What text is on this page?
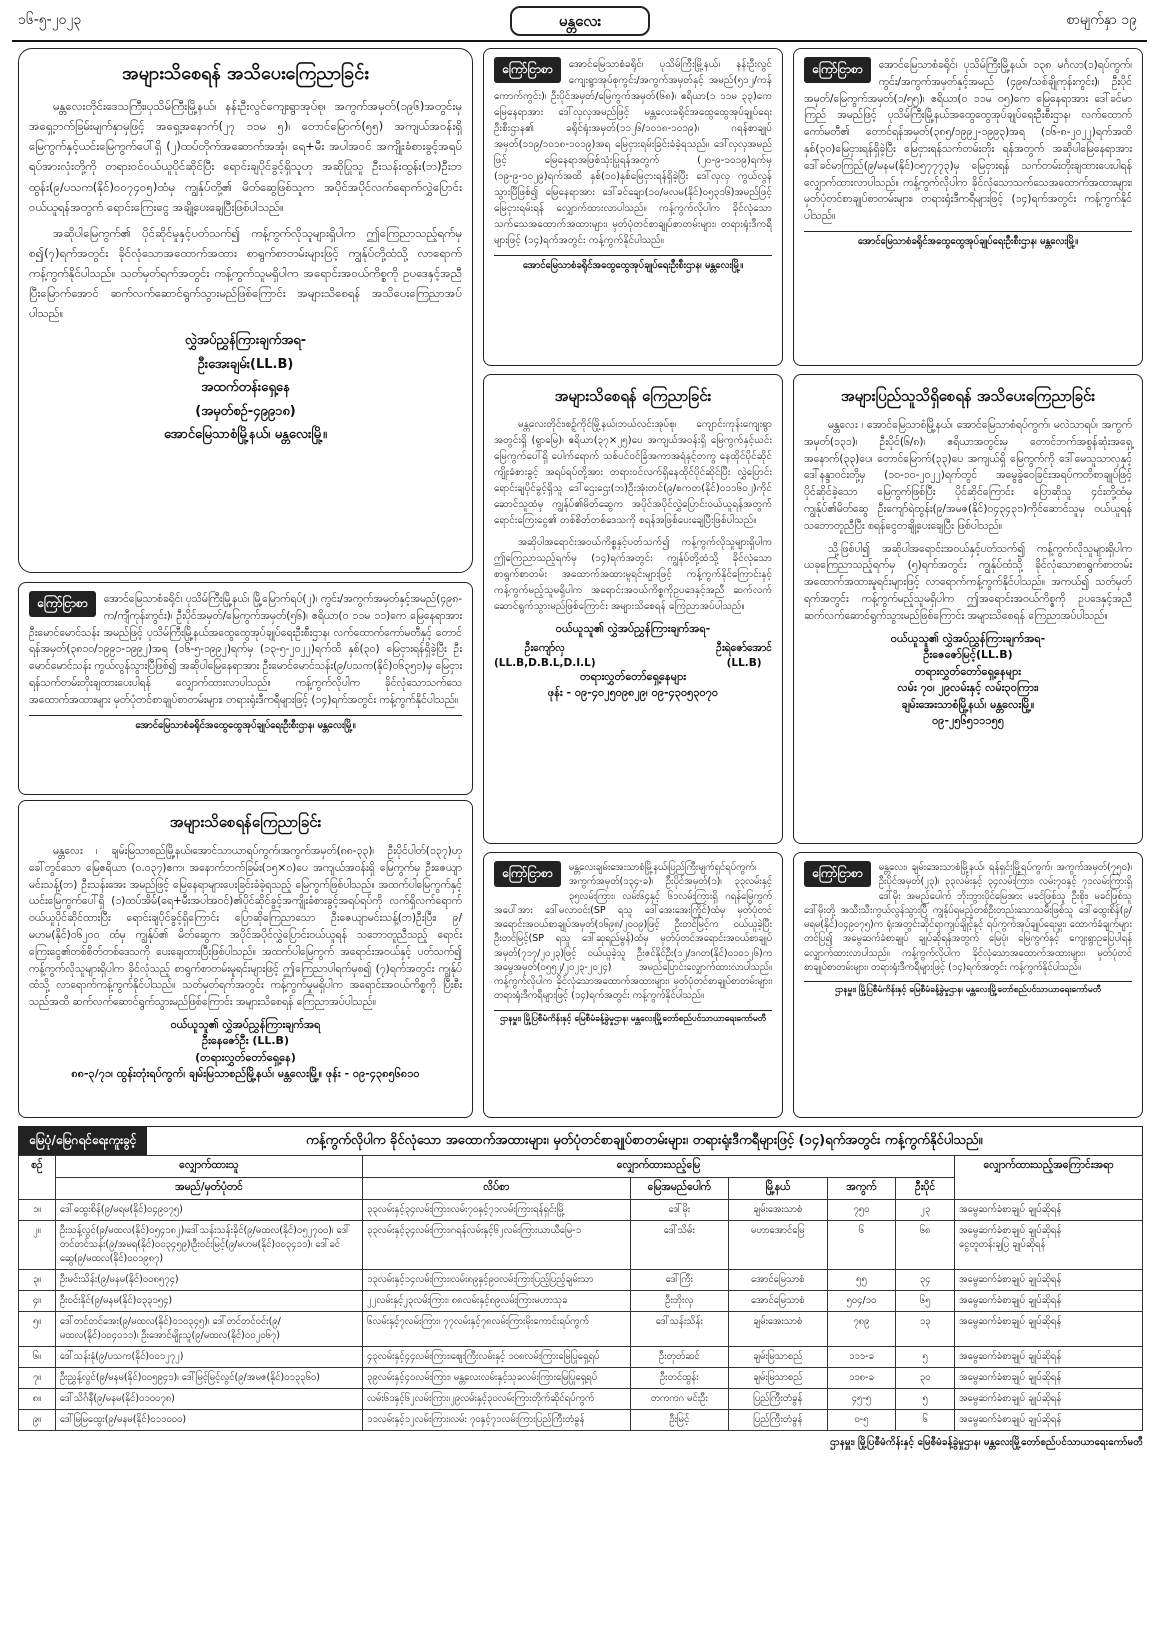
၁၆-၅-၂၀၂၃	မန္တလေး	စာမျက်နှာ ၁၉
အများသိစေရန် အသိပေးကြေညာခြင်း

မန္တလေးတိုင်းဒေသကြီး၊ပုသိမ်ကြီးမြို့နယ်၊ နန်းဦးလွင်ကျေးရွာအုပ်စု၊ အကွက်အမှတ်(၁၉၆)အတွင်းမှ အရှေ့ဘက်ခြမ်းမျက်နှာမှဖြင့် အရှေ့အနောက်(၂၇ ၁၁မ ၅)၊ တောင်မြောက်(၅၅) အကျယ်အဝန်းရှိ မြေကွက်နှင့်ယင်းမြေကွက်ပေါ်ရှိ (၂)ထပ်တိုက်အဆောက်အအုံ၊ ရေ+မီး အပါအဝင် အကျိုးခံစားခွင့်အရပ်ရပ်အားလုံးတို့ကို တရားဝင်ဝယ်ယူပိုင်ဆိုင်ပြီး ရောင်းချပိုင်ခွင့်ရှိသူဟု အဆိုပြုသူ ဦးသန်းထွန်း(ဘ)ဦးဘထွန်း(၉/ပသက(နိုင်)၀၀၇၄၀၅)ထံမှ ကျွန်ုပ်တို့၏ မိတ်ဆွေဖြစ်သူက အပိုင်အပိုင်လက်ရောက်လွှဲပြောင်းဝယ်ယူရန်အတွက် ရောင်းကြေးငွေ အချို့ပေးချေပြီးဖြစ်ပါသည်။

အဆိုပါမြေကွက်၏ ပိုင်ဆိုင်မှုနှင့်ပတ်သက်၍ ကန့်ကွက်လိုသူများရှိပါက ဤကြေညာသည့်ရက်မှစ၍(၇)ရက်အတွင်း ခိုင်လုံသောအထောက်အထား စာရွက်စာတမ်းများဖြင့် ကျွန်ုပ်တို့ထံသို့ လာရောက်ကန့်ကွက်နိုင်ပါသည်။ သတ်မှတ်ရက်အတွင်း ကန့်ကွက်သူမရှိပါက အရောင်းအဝယ်ကိစ္စကို ဥပဒေနှင့်အညီပြီးမြောက်အောင် ဆက်လက်ဆောင်ရွက်သွားမည်ဖြစ်ကြောင်း အများသိစေရန် အသိပေးကြေညာအပ်ပါသည်။

လွှဲအပ်ညွှန်ကြားချက်အရ-
ဦးအေးချမ်း(LL.B)
အထက်တန်းရှေ့နေ
(အမှတ်စဉ်-၄၉၉၁၈)
အောင်မြေသာစံမြို့နယ်၊ မန္တလေးမြို့။
ကြော်ငြာစာ	အောင်မြေသာစံခရိုင်၊ ပုသိမ်ကြီးမြို့နယ်၊ မြို့မြောက်ရပ်(၂)၊ ကွင်း/အကွက်အမှတ်နှင့်အမည်(၄၉၈-က/ကျီကုန်းကွင်း)၊ ဦးပိုင်အမှတ်/မြေကွက်အမှတ်(၅၆)၊ ဧရိယာ(၀ ၁၁မ ၁၁)ကေ မြေနေရာအား ဦးမောင်မောင်သန်း အမည်ဖြင့် ပုသိမ်ကြီးမြို့နယ်အထွေထွေအုပ်ချုပ်ရေးဦးစီးဌာန၊ လက်ထောက်ကော်မတီနှင့် တောင်ရန်အမှတ်(၃၈၁၀/၁၉၉၁-၁၉၉၂)အရ (၁၆-၅-၁၉၉၂)ရက်မှ (၁၃-၅-၂၀၂၂)ရက်ထိ နှစ်(၃၀) မြေငှားရန်ရှိခဲ့ပြီး ဦးမောင်မောင်သန်း ကွယ်လွန်သွားပြီဖြစ်၍ အဆိုပါမြေနေရာအား ဦးမောင်မောင်သန်း(၉/ပသက(နိုင်)၀၆၃၅၁)မှ မြေငှားရန်သက်တမ်းတိုးချထားပေးပါရန် လျှောက်ထားလာပါသည်။ ကန့်ကွက်လိုပါက ခိုင်လုံသောသက်သေအထောက်အထားများ မှတ်ပုံတင်စာချုပ်စာတမ်းများ၊ တရားရုံးဒီကရီများဖြင့် (၁၄)ရက်အတွင်း ကန့်ကွက်နိုင်ပါသည်။

အောင်မြေသာစံခရိုင်အထွေထွေအုပ်ချုပ်ရေးဦးစီးဌာန၊ မန္တလေးမြို့။
အများသိစေရန်ကြေညာခြင်း

မန္တလေး ၊ ချမ်းမြသာစည်မြို့နယ်၊အောင်သာယာရပ်ကွက်၊အကွက်အမှတ်(၈၈-၃၃)၊ ဦးပိုင်ပါတ်(၁၃၇)ဟုခေါ်တွင်သော မြေဧရိယာ (၀.၀၃၇)ဧက၊ အနောက်ဘက်ခြမ်း(၁၅×၀)ပေ အကျယ်အဝန်းရှိ မြေကွက်မှ ဦးဇေယျာမင်းသန့်(ဘ) ဦးသန်းအေး အမည်ဖြင့် မြေနေရာများပေးခြင်းခံခဲ့ရသည့် မြေကွက်ဖြစ်ပါသည်။ အထက်ပါမြေကွက်နှင့် ယင်းမြေကွက်ပေါ်ရှိ (၁)ထပ်အိမ်(ရေ+မီးအပါအဝင်)၏ပိုင်ဆိုင်ခွင့်အကျိုးခံစားခွင့်အရပ်ရပ်ကို လက်ရှိလက်ရောက်ဝယ်ယူပိုင်ဆိုင်ထားပြီး ရောင်းချပိုင်ခွင့်ရှိကြောင်း ပြောဆိုကြေညာသော ဦးဇေယျာမင်းသန့်(ဘ)ဦးပြီး၊ ၉/မဟမ(နိုင်)၀၆၂၀၀ ထံမှ ကျွန်ုပ်၏ မိတ်ဆွေက အပိုင်အပိုင်လွှဲပြောင်းဝယ်ယူရန် သဘောတူညီသည့် ရောင်းကြေးငွေ၏တစ်စိတ်တစ်ဒေသကို ပေးချေထားပြီးဖြစ်ပါသည်။ အထက်ပါမြေကွက် အရောင်းအဝယ်နှင့် ပတ်သက်၍ ကန့်ကွက်လိုသူများရှိပါက ခိုင်လုံသည့် စာရွက်စာတမ်းမူရင်းများဖြင့် ဤကြေညာပါရက်မှစ၍ (၇)ရက်အတွင်း ကျွန်ုပ်ထံသို့ လာရောက်ကန့်ကွက်နိုင်ပါသည်။ သတ်မှတ်ရက်အတွင်း ကန့်ကွက်မှုမရှိပါက အရောင်းအဝယ်ကိစ္စကို ပြီးစီးသည်အထိ ဆက်လက်ဆောင်ရွက်သွားမည်ဖြစ်ကြောင်း အများသိစေရန် ကြေညာအပ်ပါသည်။

ဝယ်ယူသူ၏ လွှဲအပ်ညွှန်ကြားချက်အရ
ဦးနေဇော်ဦး (LL.B)
(တရားလွှတ်တော်ရှေ့နေ)
၈၈-၃/၇၁၊ ထွန်းတုံးရပ်ကွက်၊ ချမ်းမြသာစည်မြို့နယ်၊ မန္တလေးမြို့။ ဖုန်း - ၀၉-၄၃၈၅၆၈၁၀
ကြော်ငြာစာ	အောင်မြေသာစံခရိုင်၊ ပုသိမ်ကြီးမြို့နယ်၊ နန်းဦးလွင်ကျေးရွာအုပ်စုကွင်း/အကွက်အမှတ်နှင့် အမည်(၅၁၂/ကန်ကောက်ကွင်း)၊ ဦးပိုင်အမှတ်/မြေကွက်အမှတ်(၆၈)၊ ဧရိယာ(၁ ၁၁မ ၃၃)ကေ မြေနေရာအား ဒေါ်လှလှအမည်ဖြင့် မန္တလေးခရိုင်အထွေထွေအုပ်ချုပ်ရေးဦးစီးဌာန၏ ခရိုင်ရုံးအမှတ်(၁၁၂၆/၁၀၁၈-၁၀၁၉)၊ ဂရန်စာချုပ်အမှတ်(၁၁၉/၁၀၁၈-၁၀၁၉)အရ မြေငှားရမ်းခြင်းခံခဲ့ရသည်။ ဒေါ်လှလှအမည်ဖြင့် မြေနေရာအဖြစ်သုံးပြုရန်အတွက် (၂၀-၉-၁၀၁၉)ရက်မှ (၁၉-၉-၁၀၂၉)ရက်အထိ နှစ်(၁၀)နှစ်မြေငှားရန်ရှိခဲ့ပြီး ဒေါ်လှလှ ကွယ်လွန်သွားပြီဖြစ်၍ မြေနေရာအား ဒေါ်ခင်ချော(၁၀/မလမ(နိုင်)၀၅၃၁၆)အမည်ဖြင့် မြေငှားရမ်းရန် လျှောက်ထားလာပါသည်။ ကန့်ကွက်လိုပါက ခိုင်လုံသောသက်သေအထောက်အထားများ၊ မှတ်ပုံတင်စာချုပ်စာတမ်းများ၊ တရားရုံးဒီကရီများဖြင့် (၁၄)ရက်အတွင်း ကန့်ကွက်နိုင်ပါသည်။

အောင်မြေသာစံခရိုင်အထွေထွေအုပ်ချုပ်ရေးဦးစီးဌာန၊ မန္တလေးမြို့။
ကြော်ငြာစာ	အောင်မြေသာစံခရိုင်၊ ပုသိမ်ကြီးမြို့နယ်၊ ၁၃၈ မင်္ဂလာ(၁)ရပ်ကွက်၊ ကွင်း/အကွက်အမှတ်နှင့်အမည် (၄၉၈/သစ်ချိုကုန်းကွင်း)၊ ဦးပိုင်အမှတ်/မြေကွက်အမှတ်(၁/၅၅)၊ ဧရိယာ(၀ ၁၁မ ၀၅)ကေ မြေနေရာအား ဒေါ်ခင်မာကြည် အမည်ဖြင့် ပုသိမ်ကြီးမြို့နယ်အထွေထွေအုပ်ချုပ်ရေးဦးစီးဌာန၊ လက်ထောက်ကော်မတီ၏ တောင်ရန်အမှတ်(၃၈၅/၁၉၉၂-၁၉၉၃)အရ (၁၆-၈-၂၀၂၂)ရက်အထိ နှစ်(၃၀)မြေငှားရန်ရှိခဲ့ပြီး မြေငှားရန်သက်တမ်းတိုး ရန်အတွက် အဆိုပါမြေနေရာအား ဒေါ်ခင်မာကြည်(၉/မနမ(နိုင်)၀၅၇၇၇၃)မှ မြေငှားရန် သက်တမ်းတိုးချထားပေးပါရန် လျှောက်ထားလာပါသည်။ ကန့်ကွက်လိုပါက ခိုင်လုံသောသက်သေအထောက်အထားများ၊ မှတ်ပုံတင်စာချုပ်စာတမ်းများ၊ တရားရုံးဒီကရီများဖြင့် (၁၄)ရက်အတွင်း ကန့်ကွက်နိုင်ပါသည်။

အောင်မြေသာစံခရိုင်အထွေထွေအုပ်ချုပ်ရေးဦးစီးဌာန၊ မန္တလေးမြို့။
အများသိစေရန် ကြေညာခြင်း

မန္တလေးတိုင်း၊စဉ့်ကိုင်မြို့နယ်၊ဘယ်လင်းအုပ်စု၊ ကျောင်းကုန်းကျေးရွာအတွင်းရှိ (ရွာမြေ)၊ ဧရိယာ(၃၇×၂၅)ပေ အကျယ်အဝန်းရှိ မြေကွက်နှင့်ယင်းမြေကွက်ပေါ်ရှိ ပေါက်ရောက် သစ်ပင်ဝင်ခြံအကာအရံနှင့်တကွ နေထိုင်ပိုင်ဆိုင်ကျိုးခံစားခွင့် အရပ်ရပ်တို့အား တရားဝင်လက်ရှိနေထိုင်ပိုင်ဆိုင်ပြီး လွှဲပြောင်းရောင်းချပိုင်ခွင့်ရှိသူ ဒေါ်ဌေးဌေး(ဘ)ဦးအုံးတင်(၉/စကတ(နိုင်)၀၁၁၆၀၂)ကိုင်ဆောင်သူထံမှ ကျွန်ုပ်၏မိတ်ဆွေက အပိုင်အပိုင်လွှဲပြောင်းဝယ်ယူရန်အတွက် ရောင်းကြေးငွေ၏ တစ်စိတ်တစ်ဒေသကို စရန်အဖြစ်ပေးချေပြီးဖြစ်ပါသည်။

အဆိုပါအရောင်းအဝယ်ကိစ္စနှင့်ပတ်သက်၍ ကန့်ကွက်လိုသူများရှိပါက ဤကြေညာသည့်ရက်မှ (၁၄)ရက်အတွင်း ကျွန်ုပ်တို့ထံသို့ ခိုင်လုံသောစာရွက်စာတမ်း အထောက်အထားမူရင်းများဖြင့် ကန့်ကွက်နိုင်ကြောင်းနှင့် ကန့်ကွက်မည့်သူမရှိပါက အရောင်းအဝယ်ကိစ္စကိုဥပဒေနှင့်အညီ ဆက်လက်ဆောင်ရွက်သွားမည်ဖြစ်ကြောင်း အများသိစေရန် ကြေညာအပ်ပါသည်။

ဝယ်ယူသူ၏ လွှဲအပ်ညွှန်ကြားချက်အရ-
ဦးကျော်လှ
(LL.B,D.B.L,D.I.L)
ဦးရဲဇော်အောင်
(LL.B)
တရားလွှတ်တော်ရှေ့နေများ
ဖုန်း - ၀၉-၄၀၂၅၀၉၈၂၉၊ ၀၉-၄၃၀၅၃၀၇၀
အများပြည်သူသိရှိစေရန် အသိပေးကြေညာခြင်း

မန္တလေး ၊ အောင်မြေသာစံမြို့နယ်၊ အောင်မြေသာစံရပ်ကွက်၊ မလဲသာရပ်၊ အကွက်အမှတ်(၁၃၁)၊ ဦးပိုင်(၆/၈)၊ ဧရိယာအတွင်းမှ တောင်ဘက်အစွန်ဆုံးအရှေ့အနောက်(၃၃)ပေ၊ တောင်မြောက်(၃၃)ပေ အကျယ်ရှိ မြေကွက်ကို ဒေါ်မေသူသာလှနှင့် ဒေါ်နန္ဒာဝင်းတို့မှ (၁၀-၁၀-၂၀၂၂)ရက်တွင် အမွေခွဲဝေခြင်းအရပ်ကတိစာချုပ်ဖြင့် ပိုင်ဆိုင်ခဲ့သော မြေကွက်ဖြစ်ပြီး ပိုင်ဆိုင်ကြောင်း ပြောဆိုသူ ၄င်းတို့ထံမှ ကျွန်ုပ်၏မိတ်ဆွေ ဦးကျော်ရဲထွန်း(၉/အမဇ(နိုင်)၀၄၃၄၃၁)ကိုင်ဆောင်သူမှ ဝယ်ယူရန်သဘောတူညီပြီး စရန်ငွေတချို့ပေးချေပြီး ဖြစ်ပါသည်။

သို့ဖြစ်ပါ၍ အဆိုပါအရောင်းအဝယ်နှင့်ပတ်သက်၍ ကန့်ကွက်လိုသူများရှိပါက ယခုကြေညာသည့်ရက်မှ (၅)ရက်အတွင်း ကျွန်ုပ်ထံသို့ ခိုင်လုံသောစာရွက်စာတမ်း အထောက်အထားမူရင်းများဖြင့် လာရောက်ကန့်ကွက်နိုင်ပါသည်။ အကယ်၍ သတ်မှတ်ရက်အတွင်း ကန့်ကွက်မည့်သူမရှိပါက ဤအရောင်းအဝယ်ကိစ္စကို ဥပဒေနှင့်အညီ ဆက်လက်ဆောင်ရွက်သွားမည်ဖြစ်ကြောင်း အများသိစေရန် ကြေညာအပ်ပါသည်။

ဝယ်ယူသူ၏ လွှဲအပ်ညွှန်ကြားချက်အရ-
ဦးဇေဇော်မြင့်(LL.B)
တရားလွှတ်တော်ရှေ့နေများ
လမ်း ၇၀၊ ၂၉လမ်းနှင့် လမ်း၃၀ကြား၊
ချမ်းအေးသာစံမြို့နယ်၊ မန္တလေးမြို့။
၀၉-၂၅၆၅၁၁၁၅၅
ကြော်ငြာစာ	မန္တလေးချမ်းအေးသာစံမြို့နယ်၊ပြည်ကြီးမျက်ရှင်ရပ်ကွက်၊ အကွက်အမှတ်(၁၃၄-ခ)၊ ဦးပိုင်အမှတ်(၁)၊ ၃၃လမ်းနှင့် ၃၅လမ်းကြား၊ လမ်း၆၄နှင့် ၆၁လမ်းကြားရှိ ဂရန်မြေကွက်အပေါ်အား ဒေါ်မလာဝင်း(SP ရသူ ဒေါ်အေးအေးကြိုင်)ထံမှ မှတ်ပုံတင်အရောင်းအဝယ်စာချုပ်အမှတ်(၁၆၉၈/၂၀၀၉)ဖြင့် ဦးတင်မြင့်က ဝယ်ယူခဲ့ပြီး ဦးတင်မြင့်(SP ရသူ ဒေါ်ဆုရည်မွန်)ထံမှ မှတ်ပုံတင်အရောင်းအဝယ်စာချုပ်အမှတ်(၇၁၇/၂၀၂၃)ဖြင့် ဝယ်ယူခဲ့သူ ဦးဇင်နိုင်ဦး(၁၂/ဒဂတ(နိုင်)၀၁၀၁၂၆)က အမွေအမှတ်(၀၅၅၂/၂၀၂၃-၂၀၂၄) အမည်ပြောင်းလျှောက်ထားလာပါသည်။ ကန့်ကွက်လိုပါက ခိုင်လုံသောအထောက်အထားများ၊ မှတ်ပုံတင်စာချုပ်စာတမ်းများ၊ တရားရုံးဒီကရီများဖြင့် (၁၄)ရက်အတွင်း ကန့်ကွက်နိုင်ပါသည်။

ဌာနမှူး၊ မြို့ပြစီမံကိန်းနှင့် မြေစီမံခန့်ခွဲမှုဌာန၊ မန္တလေးမြို့တော်စည်ပင်သာယာရေးကော်မတီ
ကြော်ငြာစာ	မန္တလေး၊ ချမ်းအေးသာစံမြို့နယ်၊ ရန်ရှင်းမြို့ရပ်ကွက်၊ အကွက်အမှတ်(၇၅၀)၊ ဦးပိုင်အမှတ်(၂၃)၊ ၃၃လမ်းနှင့် ၃၄လမ်းကြား၊ လမ်း၇၀နှင့် ၇၁လမ်းကြားရှိ ဒေါ်မိုး အမည်ပေါက် ဘိုးဘွားပိုင်မြေအား မခင်ဖြစ်သူ ဦးစိုး၊ မခင်ဖြစ်သူ ဒေါ်မိုးတို့ အသီးသီးကွယ်လွန်သွားပြီ ကျွန်ုပ်ရမည့်တစ်ဦးတည်းသောသမီးဖြစ်သူ ဒေါ်ထွေးစိန်(၉/မရမ(နိုင်)၀၄၉၀၇၅)က ရုံးအတွင်းဆိုင်ရာကျပ်ချိုင့်နှင့် ရပ်ကွက်အုပ်ချုပ်ရေးမှူး၊ ထောက်ခံချက်များတင်ပြ၍ အမွေဆက်ခံစာချုပ် ချုပ်ဆိုရန်အတွက် မြေပုံ၊ မြေကွက်နှင့် ကျေးရွာဥပြေပါရန် လျှောက်ထားလာပါသည်။ ကန့်ကွက်လိုပါက ခိုင်လုံသောအထောက်အထားများ၊ မှတ်ပုံတင်စာချုပ်စာတမ်းများ၊ တရားရုံးဒီကရီများဖြင့် (၁၄)ရက်အတွင်း ကန့်ကွက်နိုင်ပါသည်။

ဌာနမှူး၊ မြို့ပြစီမံကိန်းနှင့် မြေစီမံခန့်ခွဲမှုဌာန၊ မန္တလေးမြို့တော်စည်ပင်သာယာရေးကော်မတီ
မြေပုံ/မြေဂရင်ရေးကူးခွင့်	ကန့်ကွက်လိုပါက ခိုင်လုံသော အထောက်အထားများ၊ မှတ်ပုံတင်စာချုပ်စာတမ်းများ၊ တရားရုံးဒီကရီများဖြင့် (၁၄)ရက်အတွင်း ကန့်ကွက်နိုင်ပါသည်။
စဉ်	လျှောက်ထားသူ	လျှောက်ထားသည့်မြေ					လျှောက်ထားသည့်အကြောင်းအရာ
	အမည်/မှတ်ပုံတင်	လိပ်စာ	မြေအမည်ပေါက်	မြို့နယ်	အကွက်	ဦးပိုင်	
၁။	ဒေါ်ထွေးစိန်(၉/မရမ(နိုင်)၀၄၉၀၇၅)	၃၃လမ်းနှင့်၃၄လမ်းကြား၊လမ်း၇၀နှင့်၇၁လမ်းကြားရန်ရှင်းမြို့	ဒေါ်မိုး	ချမ်းအေးသာစံ	၇၅၀	၂၃	အမွေဆက်ခံစာချုပ် ချုပ်ဆိုရန်
၂။	ဦးသန့်လွင်(၉/မထလ(နိုင်)၀၅၄၁၈၂)၊ဒေါ်သန်းသန်းခိုင်(၉/မထလ(နိုင်)၀၅၂၇၀၀)၊ ဒေါ်တင်တင်သန်း(၉/အမရ(နိုင်)၀၀၃၄၅၉)၊ဦးဝင်းမြင့်(၉/မဟမ(နိုင်)၀၀၃၄၁၁)၊ ဒေါ်ခင်ဆွေ(၉/မထလ(နိုင်)၀၀၁၉၈၇)	၃၃လမ်းနှင့်၃၄လမ်းကြား၊ဂရန်လမ်းနှင့်၆၂လမ်းကြားယာယီမြေ-၁	ဒေါ်သိမ်း	မဟာအောင်မြေ	၆	၆၈	အမွေဆက်ခံစာချုပ် ချုပ်ဆိုရန်
ငွေတူတန်းချပြ ချုပ်ဆိုရန်
၃။	ဦးမင်းသိန်း(၉/မနမ(နိုင်)၀၀၈၅၇၄)	၁၃လမ်းနှင့်၁၄လမ်းကြား၊လမ်း၈၉နှင့်၉၀လမ်းကြားပြည့်ပြည့်ချမ်းသာ	ဒေါ်ကြီး	အောင်မြေသာစံ	၅၅	၃၄	အမွေဆက်ခံစာချုပ် ချုပ်ဆိုရန်
၄။	ဦးဝင်းနိုင်(၉/မနမ(နိုင်)၀၃၃၁၅၄)	၂၂လမ်းနှင့်၂၃လမ်းကြား၊ ၈၈လမ်းနှင့်၈၉လမ်းကြားမဟာသုခ	ဦးဘိုးလှ	အောင်မြေသာစံ	၅၀၄/၁၀	၆၅	အမွေဆက်ခံစာချုပ် ချုပ်ဆိုရန်
၅။	ဒေါ်တင်တင်အေး(၉/မထလ(နိုင်)၀၁၀၃၄၅)၊ ဒေါ်တင်တင်ဝင်း(၉/မထလ(နိုင်)၀၀၄၀၁၁)၊ ဦးအောင်မျိုးသူ(၉/မထလ(နိုင်)၀၀၂၀၆၇)	၆လမ်းနှင့်၇လမ်းကြား၊ ၇၇လမ်းနှင့်၇၈လမ်းကြားမိုးကောင်းရပ်ကွက်	ဒေါ်သန်းသိန်း	ချမ်းအေးသာစံ	၇၈၉	၁၃	အမွေဆက်ခံစာချုပ် ချုပ်ဆိုရန်
၆။	ဒေါ်သန်းနုံ(၉/ပသက(နိုင်)၀၀၁၂၇၂)	၄၃လမ်းနှင့်၄၄လမ်းကြား၊ဈေးကြီးလမ်းနှင့် ၁၀၈လမ်းကြားမြေပြုရှေ့ရပ်	ဦးတုတ်ဆင်	ချမ်းမြသာစည်	၁၁၁-ခ	၅	အမွေဆက်ခံစာချုပ် ချုပ်ဆိုရန်
၇။	ဦးညွှန့်လွင်(၉/မနမ(နိုင်)၀၀၅၉၄၁)၊ ဒေါ်မြင့်မြင့်လွင်(၉/အမဇ(နိုင်)၀၁၃၃၆၀)	၃၉လမ်းနှင့်၄၀လမ်းကြား၊ မန္တလေးလမ်းနှင့်သုခလမ်းကြားမြေပြုရှေ့ရပ်	ဦးတင်ထွန်း	ချမ်းမြသာစည်	၁၁၈-ခ	၃၀	အမွေဆက်ခံစာချုပ် ချုပ်ဆိုရန်
၈။	ဒေါ်သိင်္ဂနီ(၉/မနမ(နိုင်)၀၁၀၀၇၈)	လမ်း၆၁နှင့်၆၂လမ်းကြား၊၂၉လမ်းနှင့်၃၀လမ်းကြားတိုက်ဆိုင်ရပ်ကွက်	တကကဂ မင်းဦး	ပြည်ကြီးတံခွန်	၄၅-၅	၅	အမွေဆက်ခံစာချုပ် ချုပ်ဆိုရန်
၉။	ဒေါ်မြမြထွေး(၉/မနမ(နိုင်)၀၁၁၀၀၀)	၁၁လမ်းနှင့်၁၂လမ်းကြား၊လမ်း ၇၀နှင့်၇၁လမ်းကြားပြည်ကြီးတံခွန်	ဦးမြင့်	ပြည်ကြီးတံခွန်	၀-၅	၆	အမွေဆက်ခံစာချုပ် ချုပ်ဆိုရန်
ဌာနမှူး၊ မြို့ပြစီမံကိန်းနှင့် မြေစီမံခန့်ခွဲမှုဌာန၊ မန္တလေးမြို့တော်စည်ပင်သာယာရေးကော်မတီ
